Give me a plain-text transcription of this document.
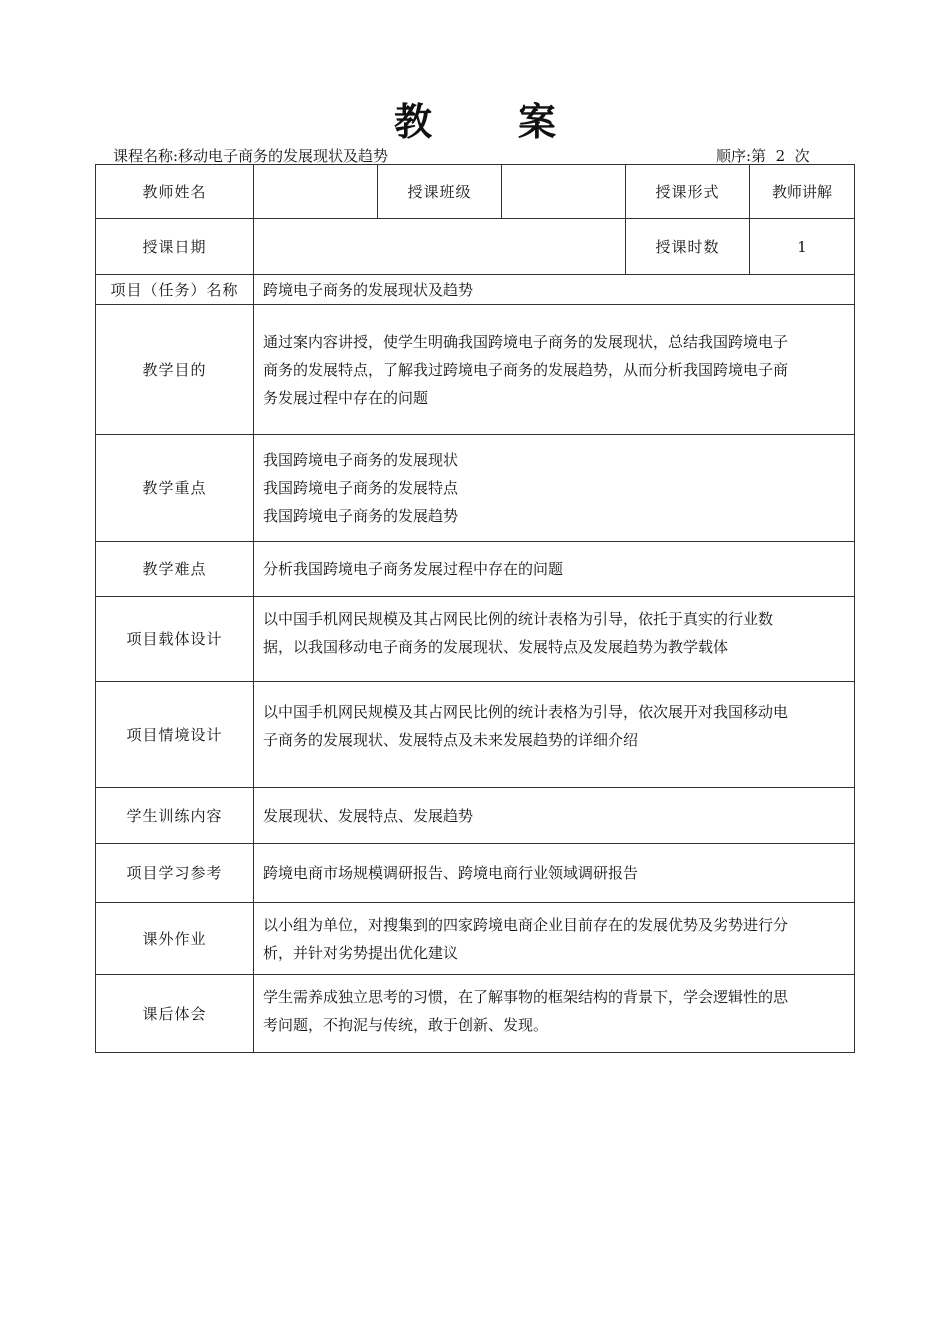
教 案
课程名称:移动电子商务的发展现状及趋势	顺序:第  2  次
教师姓名		授课班级		授课形式	教师讲解
授课日期				授课时数	1
项目（任务）名称	跨境电子商务的发展现状及趋势				
教学目的	通过案内容讲授，使学生明确我国跨境电子商务的发展现状，总结我国跨境电子
商务的发展特点，了解我过跨境电子商务的发展趋势，从而分析我国跨境电子商
务发展过程中存在的问题				

教学重点	我国跨境电子商务的发展现状
我国跨境电子商务的发展特点
我国跨境电子商务的发展趋势				

教学难点	分析我国跨境电子商务发展过程中存在的问题				

项目载体设计	以中国手机网民规模及其占网民比例的统计表格为引导，依托于真实的行业数
据，以我国移动电子商务的发展现状、发展特点及发展趋势为教学载体				

项目情境设计	以中国手机网民规模及其占网民比例的统计表格为引导，依次展开对我国移动电
子商务的发展现状、发展特点及未来发展趋势的详细介绍				

学生训练内容	发展现状、发展特点、发展趋势				

项目学习参考	跨境电商市场规模调研报告、跨境电商行业领域调研报告				

课外作业	以小组为单位，对搜集到的四家跨境电商企业目前存在的发展优势及劣势进行分
析，并针对劣势提出优化建议				

课后体会	学生需养成独立思考的习惯，在了解事物的框架结构的背景下，学会逻辑性的思
考问题，不拘泥与传统，敢于创新、发现。				
